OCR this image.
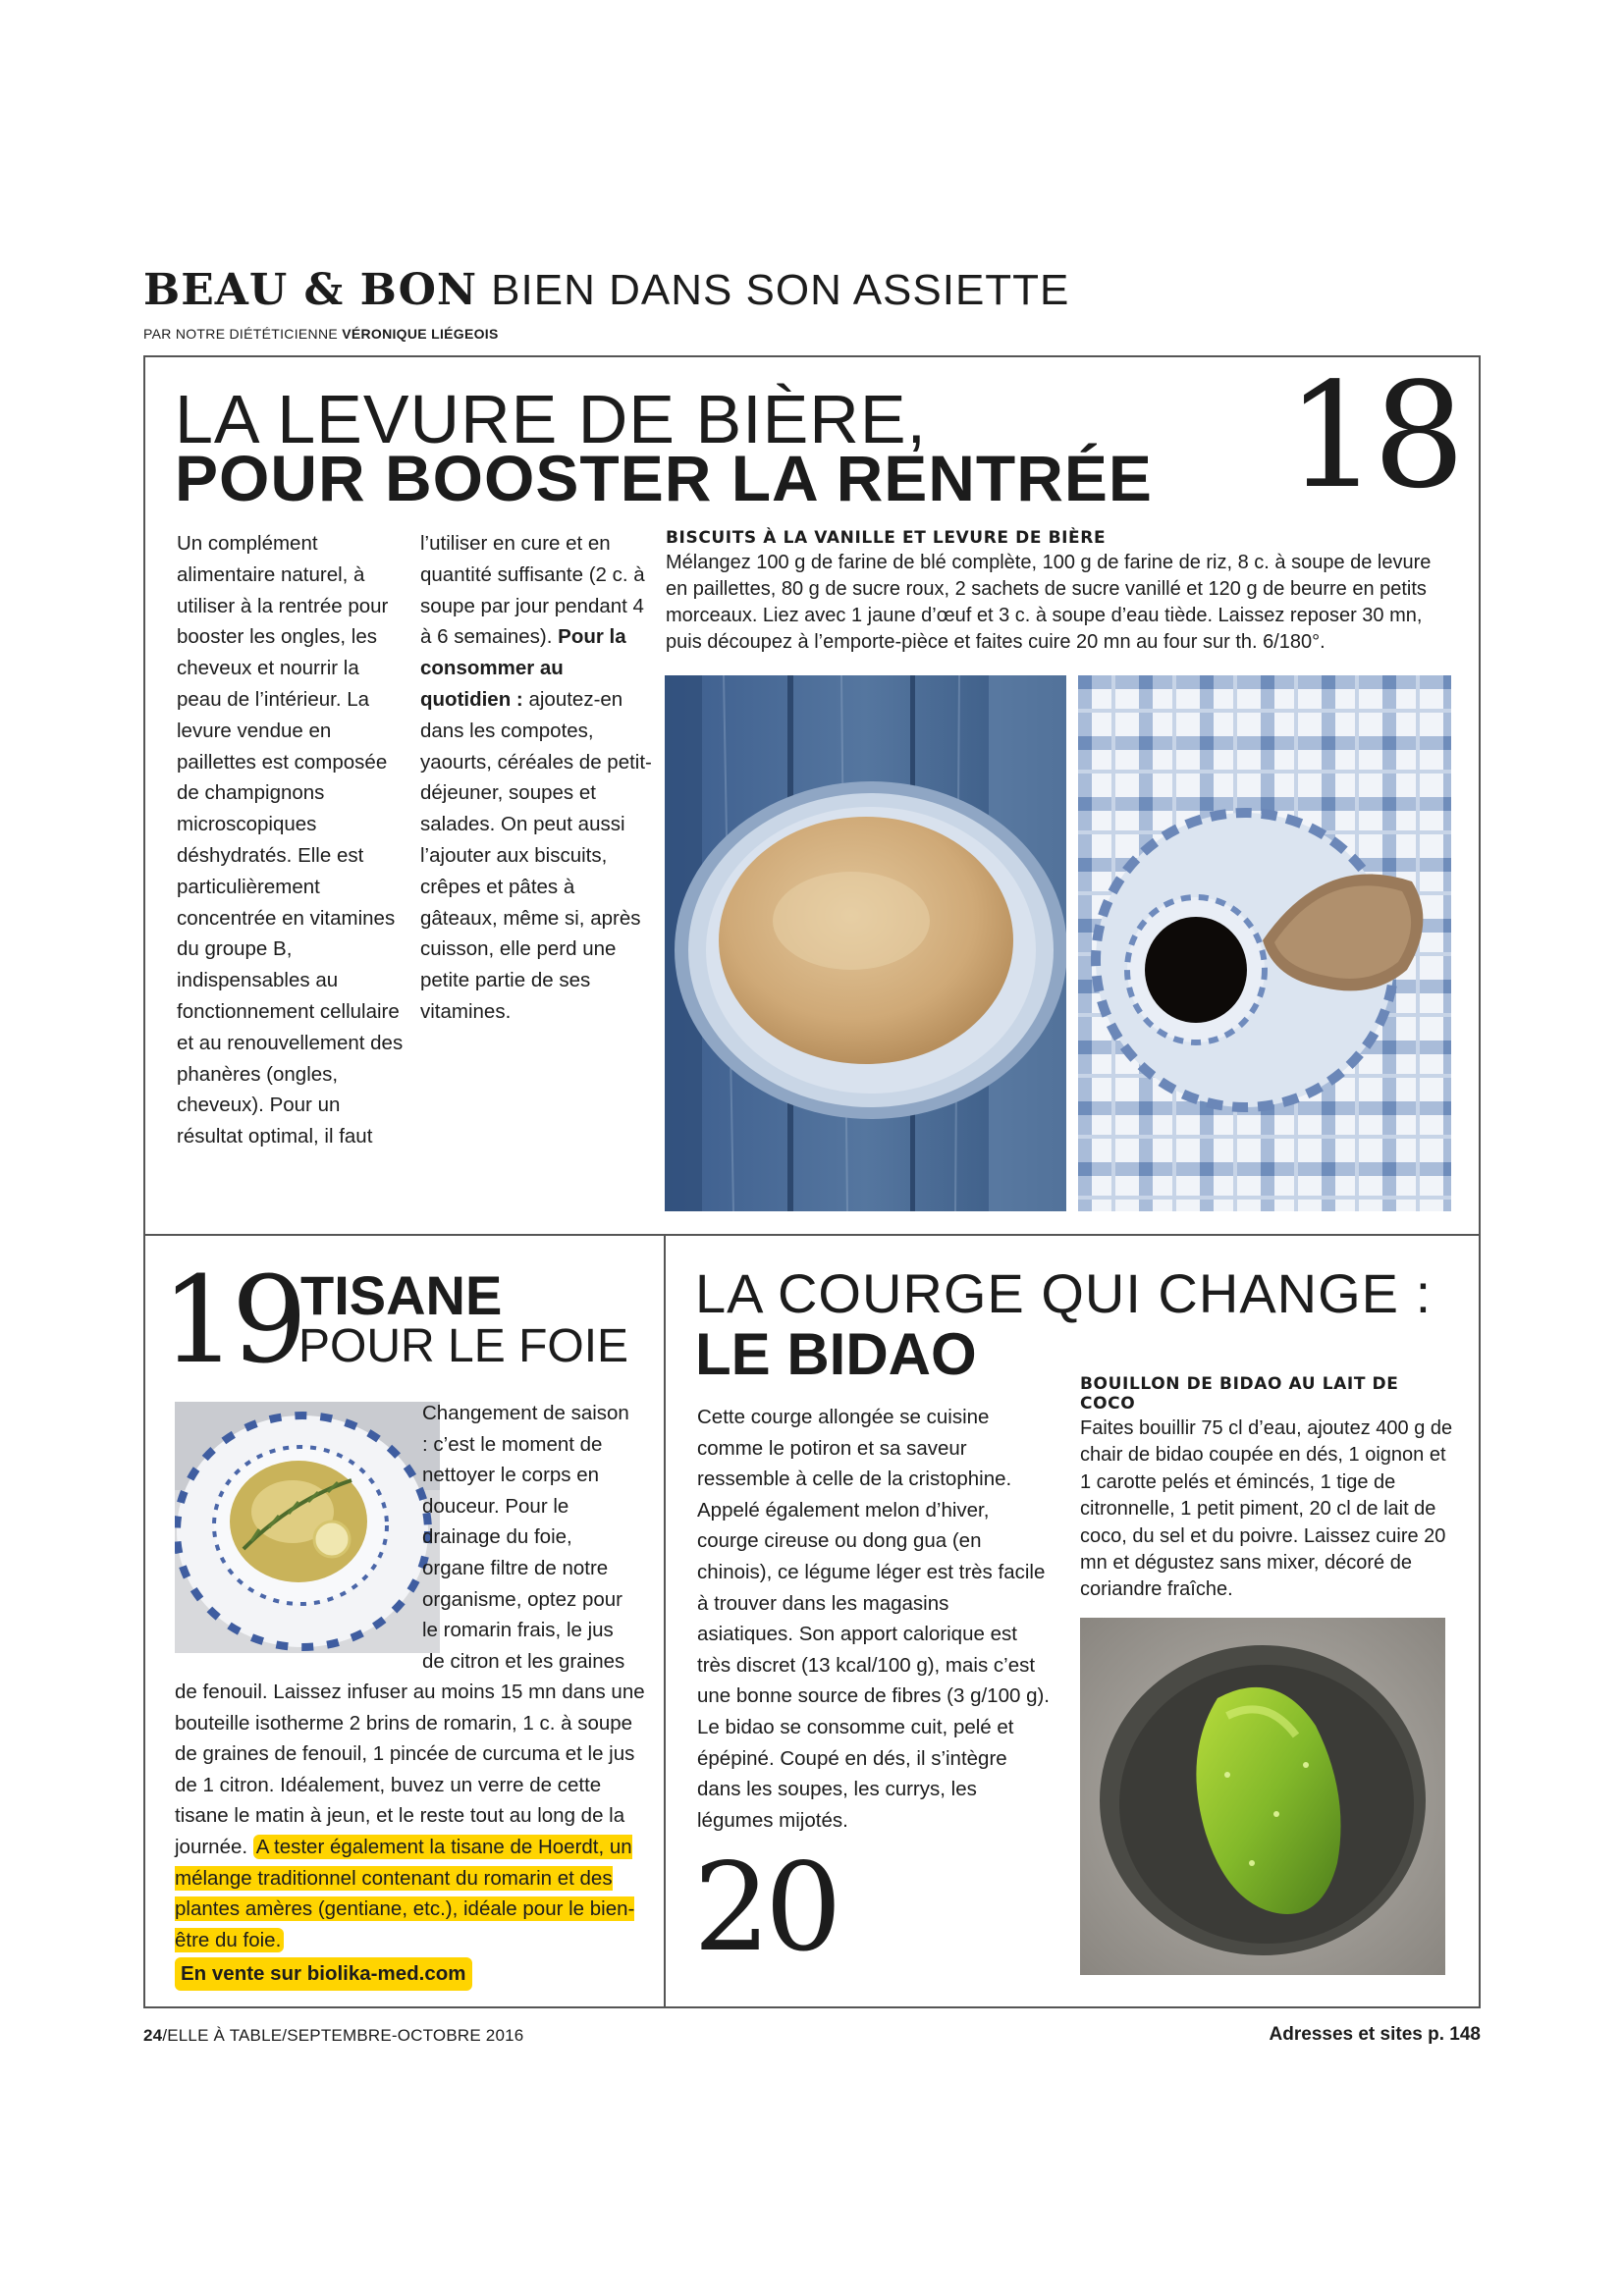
BEAU & BON BIEN DANS SON ASSIETTE
PAR NOTRE DIÉTÉTICIENNE VÉRONIQUE LIÉGEOIS
LA LEVURE DE BIÈRE,
POUR BOOSTER LA RENTRÉE 18
Un complément alimentaire naturel, à utiliser à la rentrée pour booster les ongles, les cheveux et nourrir la peau de l’intérieur. La levure vendue en paillettes est composée de champignons microscopiques déshydratés. Elle est particulièrement concentrée en vitamines du groupe B, indispensables au fonctionnement cellulaire et au renouvellement des phanères (ongles, cheveux). Pour un résultat optimal, il faut
l’utiliser en cure et en quantité suffisante (2 c. à soupe par jour pendant 4 à 6 semaines). Pour la consommer au quotidien : ajoutez-en dans les compotes, yaourts, céréales de petit-déjeuner, soupes et salades. On peut aussi l’ajouter aux biscuits, crêpes et pâtes à gâteaux, même si, après cuisson, elle perd une petite partie de ses vitamines.
BISCUITS À LA VANILLE ET LEVURE DE BIÈRE
Mélangez 100 g de farine de blé complète, 100 g de farine de riz, 8 c. à soupe de levure en paillettes, 80 g de sucre roux, 2 sachets de sucre vanillé et 120 g de beurre en petits morceaux. Liez avec 1 jaune d’œuf et 3 c. à soupe d’eau tiède. Laissez reposer 30 mn, puis découpez à l’emporte-pièce et faites cuire 20 mn au four sur th. 6/180°.
19
TISANE
POUR LE FOIE
Changement de saison : c’est le moment de nettoyer le corps en douceur. Pour le drainage du foie, organe filtre de notre organisme, optez pour le romarin frais, le jus de citron et les graines
de fenouil. Laissez infuser au moins 15 mn dans une bouteille isotherme 2 brins de romarin, 1 c. à soupe de graines de fenouil, 1 pincée de curcuma et le jus de 1 citron. Idéalement, buvez un verre de cette tisane le matin à jeun, et le reste tout au long de la journée. A tester également la tisane de Hoerdt, un mélange traditionnel contenant du romarin et des plantes amères (gentiane, etc.), idéale pour le bien-être du foie.
En vente sur biolika-med.com
LA COURGE QUI CHANGE :
LE BIDAO
Cette courge allongée se cuisine comme le potiron et sa saveur ressemble à celle de la cristophine. Appelé également melon d’hiver, courge cireuse ou dong gua (en chinois), ce légume léger est très facile à trouver dans les magasins asiatiques. Son apport calorique est très discret (13 kcal/100 g), mais c’est une bonne source de fibres (3 g/100 g). Le bidao se consomme cuit, pelé et épépiné. Coupé en dés, il s’intègre dans les soupes, les currys, les légumes mijotés.
20
BOUILLON DE BIDAO AU LAIT DE COCO
Faites bouillir 75 cl d’eau, ajoutez 400 g de chair de bidao coupée en dés, 1 oignon et 1 carotte pelés et émincés, 1 tige de citronnelle, 1 petit piment, 20 cl de lait de coco, du sel et du poivre. Laissez cuire 20 mn et dégustez sans mixer, décoré de coriandre fraîche.
24/ELLE À TABLE/SEPTEMBRE-OCTOBRE 2016	Adresses et sites p. 148
